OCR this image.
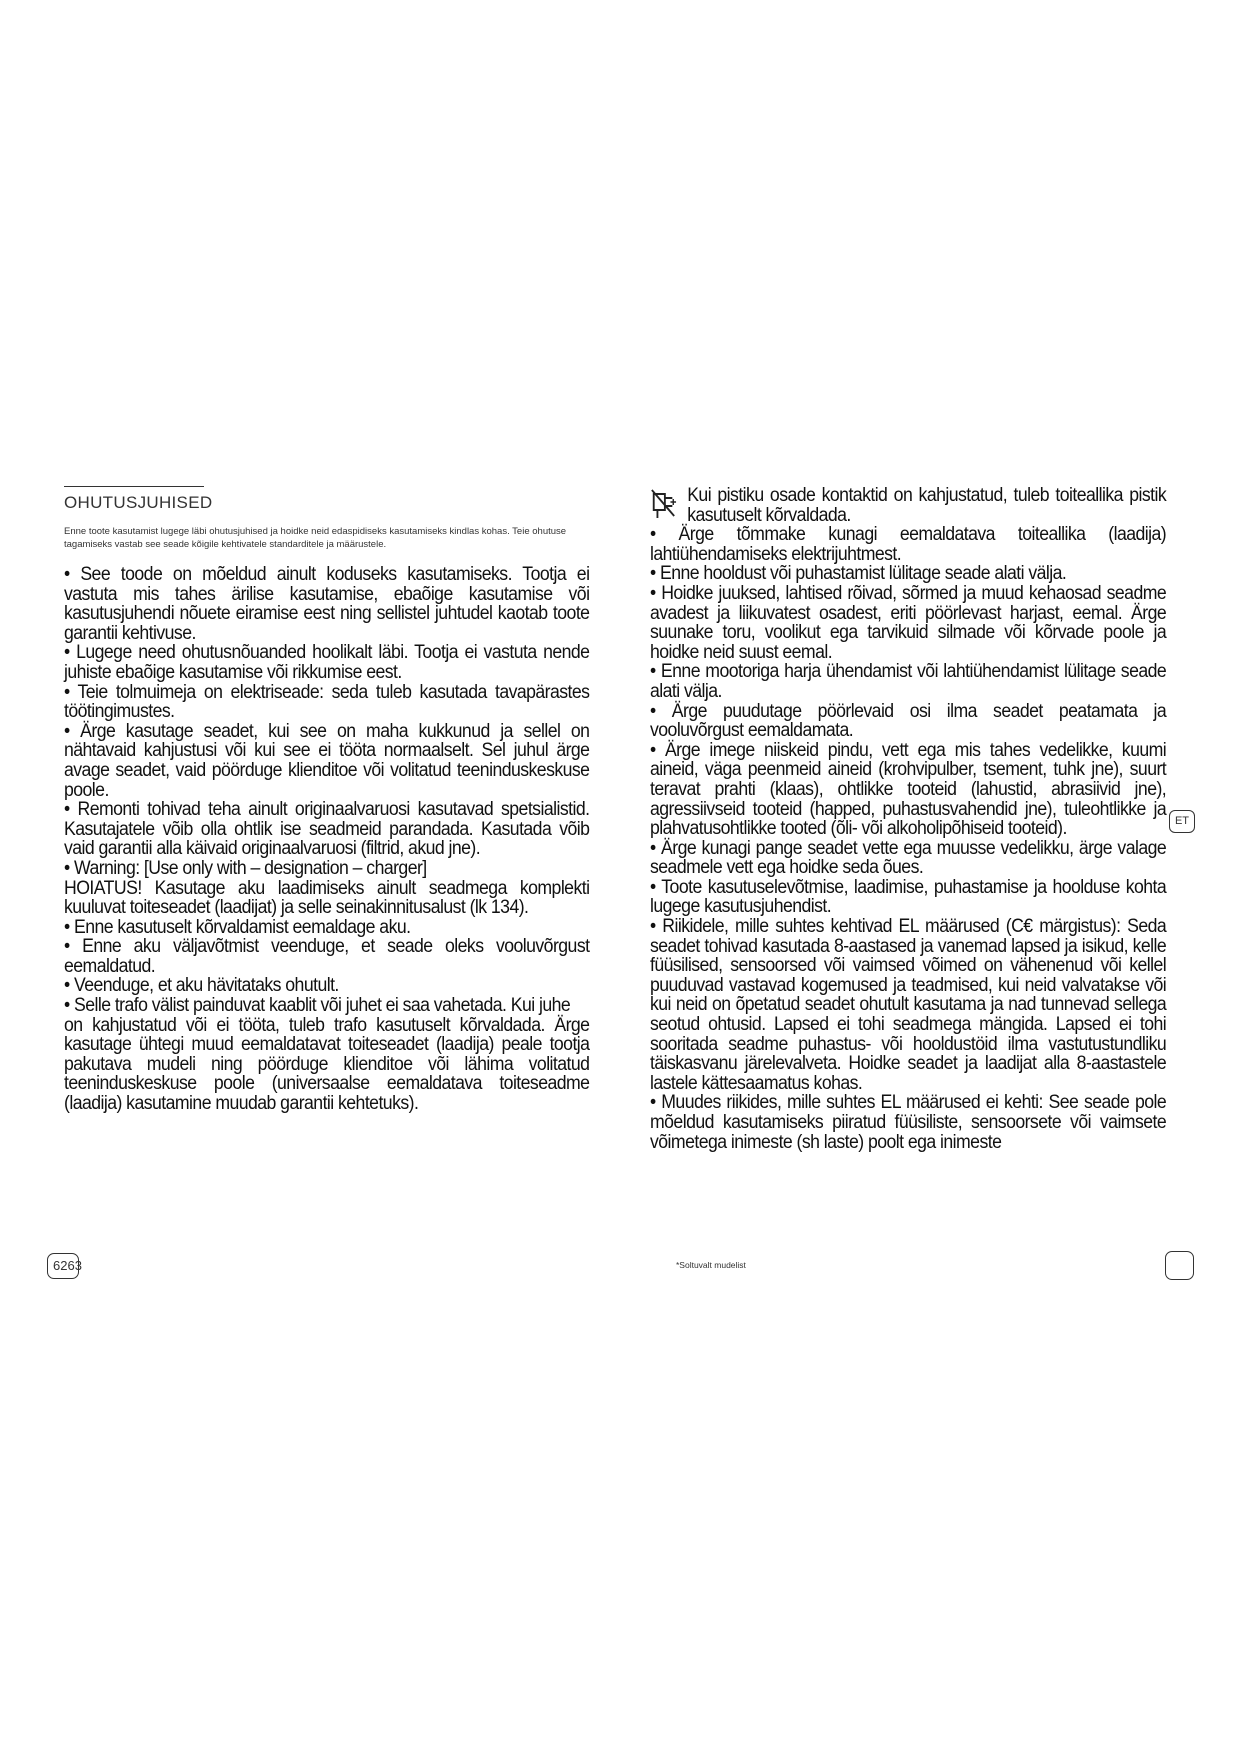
OHUTUSJUHISED

Enne toote kasutamist lugege läbi ohutusjuhised ja hoidke neid edaspidiseks kasutamiseks kindlas kohas. Teie ohutuse tagamiseks vastab see seade kõigile kehtivatele standarditele ja määrustele.

• See toode on mõeldud ainult koduseks kasutamiseks. Tootja ei vastuta mis tahes ärilise kasutamise, ebaõige kasutamise või kasutusjuhendi nõuete eiramise eest ning sellistel juhtudel kaotab toote garantii kehtivuse.

• Lugege need ohutusnõuanded hoolikalt läbi. Tootja ei vastuta nende juhiste ebaõige kasutamise või rikkumise eest.

• Teie tolmuimeja on elektriseade: seda tuleb kasutada tavapärastes töötingimustes.

• Ärge kasutage seadet, kui see on maha kukkunud ja sellel on nähtavaid kahjustusi või kui see ei tööta normaalselt. Sel juhul ärge avage seadet, vaid pöörduge klienditoe või volitatud teeninduskeskuse poole.

• Remonti tohivad teha ainult originaalvaruosi kasutavad spetsialistid. Kasutajatele võib olla ohtlik ise seadmeid parandada. Kasutada võib vaid garantii alla käivaid originaalvaruosi (filtrid, akud jne).

• Warning: [Use only with – designation – charger]

HOIATUS! Kasutage aku laadimiseks ainult seadmega komplekti kuuluvat toiteseadet (laadijat) ja selle seinakinnitusalust (lk 134).

• Enne kasutuselt kõrvaldamist eemaldage aku.

• Enne aku väljavõtmist veenduge, et seade oleks vooluvõrgust eemaldatud.

• Veenduge, et aku hävitataks ohutult.

• Selle trafo välist painduvat kaablit või juhet ei saa vahetada. Kui juhe

on kahjustatud või ei tööta, tuleb trafo kasutuselt kõrvaldada. Ärge kasutage ühtegi muud eemaldatavat toiteseadet (laadija) peale tootja pakutava mudeli ning pöörduge klienditoe või lähima volitatud teeninduskeskuse poole (universaalse eemaldatava toiteseadme (laadija) kasutamine muudab garantii kehtetuks).

Kui pistiku osade kontaktid on kahjustatud, tuleb toiteallika pistik kasutuselt kõrvaldada.

• Ärge tõmmake kunagi eemaldatava toiteallika (laadija) lahtiühendamiseks elektrijuhtmest.

• Enne hooldust või puhastamist lülitage seade alati välja.

• Hoidke juuksed, lahtised rõivad, sõrmed ja muud kehaosad seadme avadest ja liikuvatest osadest, eriti pöörlevast harjast, eemal. Ärge suunake toru, voolikut ega tarvikuid silmade või kõrvade poole ja hoidke neid suust eemal.

• Enne mootoriga harja ühendamist või lahtiühendamist lülitage seade alati välja.

• Ärge puudutage pöörlevaid osi ilma seadet peatamata ja vooluvõrgust eemaldamata.

• Ärge imege niiskeid pindu, vett ega mis tahes vedelikke, kuumi aineid, väga peenmeid aineid (krohvipulber, tsement, tuhk jne), suurt teravat prahti (klaas), ohtlikke tooteid (lahustid, abrasiivid jne), agressiivseid tooteid (happed, puhastusvahendid jne), tuleohtlikke ja plahvatusohtlikke tooted (õli- või alkoholipõhiseid tooteid).

• Ärge kunagi pange seadet vette ega muusse vedelikku, ärge valage seadmele vett ega hoidke seda õues.

• Toote kasutuselevõtmise, laadimise, puhastamise ja hoolduse kohta lugege kasutusjuhendist.

• Riikidele, mille suhtes kehtivad EL määrused (C€ märgistus): Seda seadet tohivad kasutada 8-aastased ja vanemad lapsed ja isikud, kelle füüsilised, sensoorsed või vaimsed võimed on vähenenud või kellel puuduvad vastavad kogemused ja teadmised, kui neid valvatakse või kui neid on õpetatud seadet ohutult kasutama ja nad tunnevad sellega seotud ohtusid. Lapsed ei tohi seadmega mängida. Lapsed ei tohi sooritada seadme puhastus- või hooldustöid ilma vastutustundliku täiskasvanu järelevalveta. Hoidke seadet ja laadijat alla 8-aastastele lastele kättesaamatus kohas.

• Muudes riikides, mille suhtes EL määrused ei kehti: See seade pole mõeldud kasutamiseks piiratud füüsiliste, sensoorsete või vaimsete võimetega inimeste (sh laste) poolt ega inimeste

ET
6263	*Soltuvalt mudelist
